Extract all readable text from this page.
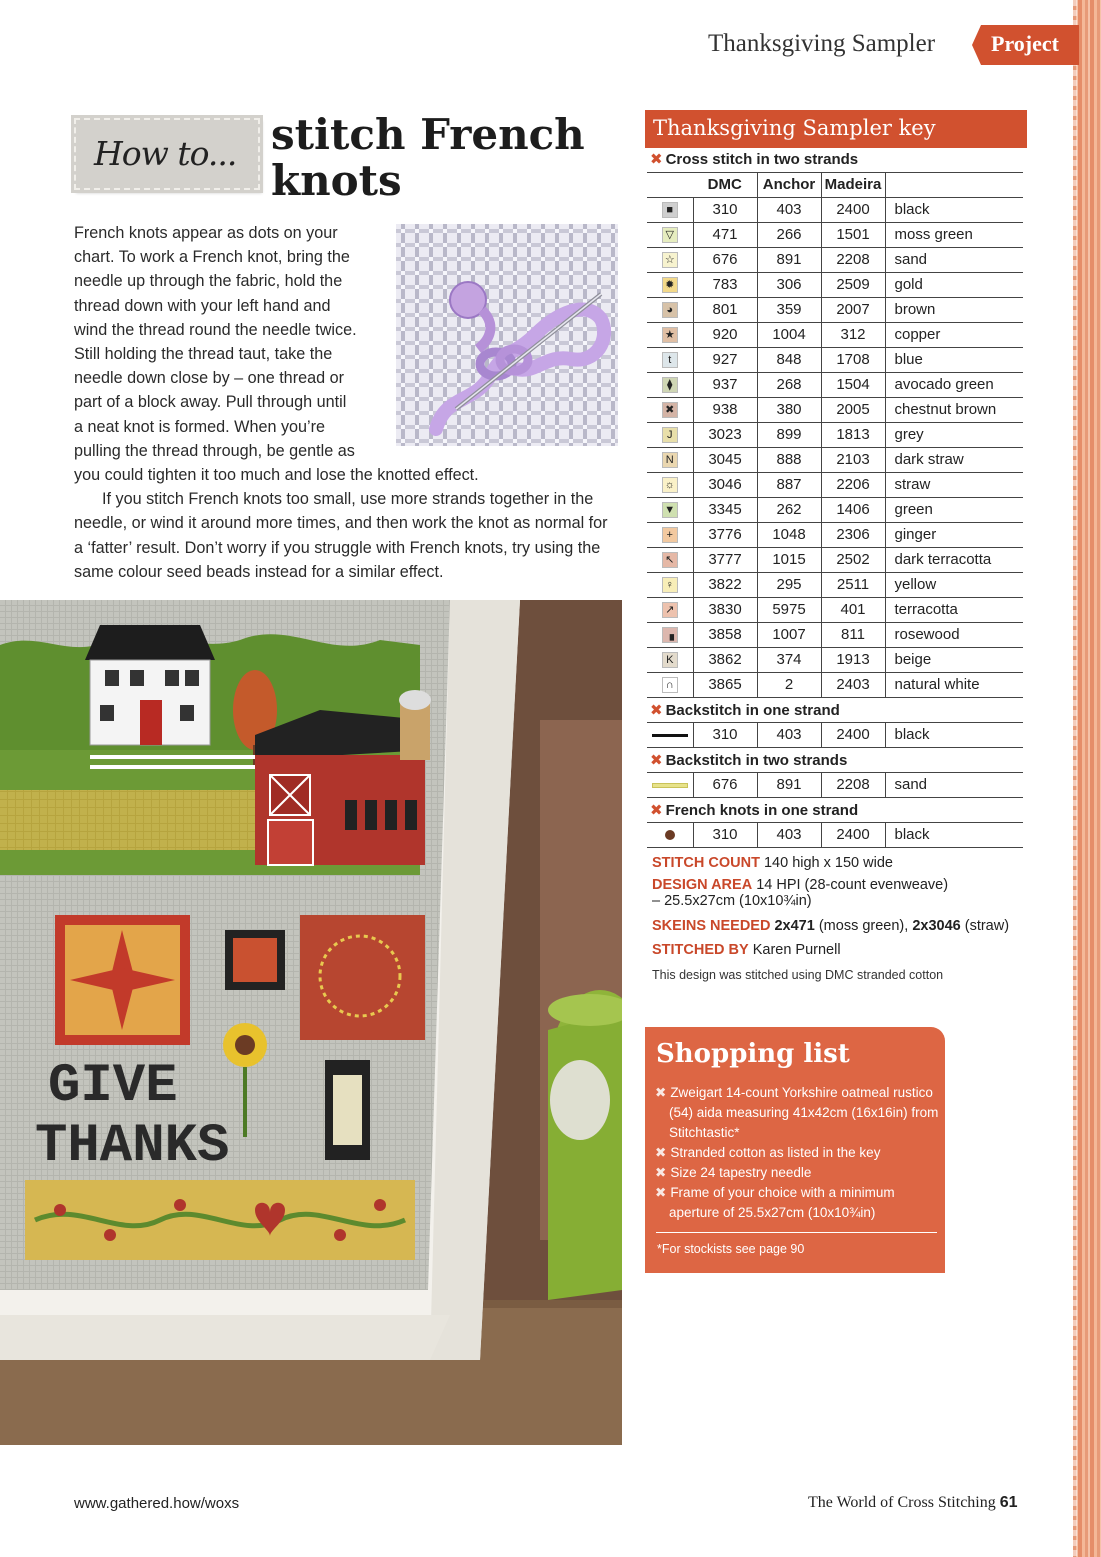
Thanksgiving Sampler	Project
How to... stitch French
knots
French knots appear as dots on your
chart. To work a French knot, bring the
needle up through the fabric, hold the
thread down with your left hand and
wind the thread round the needle twice.
Still holding the thread taut, take the
needle down close by – one thread or
part of a block away. Pull through until
a neat knot is formed. When you’re
pulling the thread through, be gentle as
you could tighten it too much and lose the knotted effect.

If you stitch French knots too small, use more strands together in the needle, or wind it around more times, and then work the knot as normal for a ‘fatter’ result. Don’t worry if you struggle with French knots, try using the same colour seed beads instead for a similar effect.

GIVE
THANKS
Thanksgiving Sampler key
✖ Cross stitch in two strands				
	DMC	Anchor	Madeira	
■	310	403	2400	black
▽	471	266	1501	moss green
☆	676	891	2208	sand
✹	783	306	2509	gold
◕	801	359	2007	brown
★	920	1004	312	copper
t	927	848	1708	blue
⧫	937	268	1504	avocado green
✖	938	380	2005	chestnut brown
J	3023	899	1813	grey
N	3045	888	2103	dark straw
☼	3046	887	2206	straw
▼	3345	262	1406	green
+	3776	1048	2306	ginger
↖	3777	1015	2502	dark terracotta
♀	3822	295	2511	yellow
↗	3830	5975	401	terracotta
▗	3858	1007	811	rosewood
K	3862	374	1913	beige
∩	3865	2	2403	natural white
✖ Backstitch in one strand				
	310	403	2400	black
✖ Backstitch in two strands				
	676	891	2208	sand
✖ French knots in one strand				
	310	403	2400	black
STITCH COUNT 140 high x 150 wide
DESIGN AREA 14 HPI (28-count evenweave)
– 25.5x27cm (10x10¾in)
SKEINS NEEDED 2x471 (moss green), 2x3046 (straw)
STITCHED BY Karen Purnell
This design was stitched using DMC stranded cotton
Shopping list
✖ Zweigart 14-count Yorkshire oatmeal rustico (54) aida measuring 41x42cm (16x16in) from Stitchtastic*
✖ Stranded cotton as listed in the key
✖ Size 24 tapestry needle
✖ Frame of your choice with a minimum aperture of 25.5x27cm (10x10¾in)
*For stockists see page 90
www.gathered.how/woxs	The World of Cross Stitching 61
